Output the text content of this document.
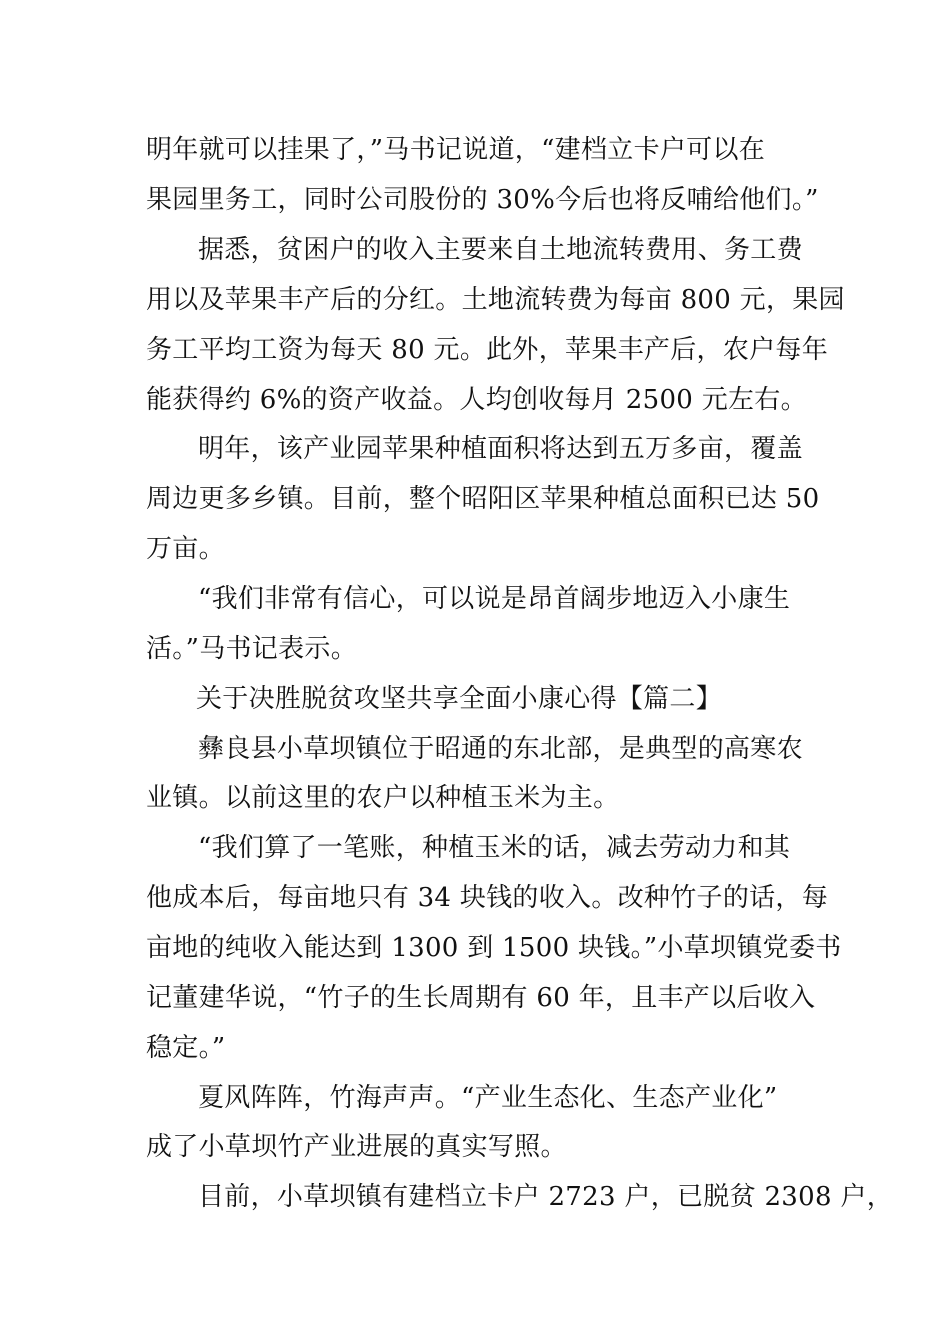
明年就可以挂果了，”马书记说道，“建档立卡户可以在
果园里务工，同时公司股份的 30%今后也将反哺给他们。”
据悉，贫困户的收入主要来自土地流转费用、务工费
用以及苹果丰产后的分红。土地流转费为每亩 800 元，果园
务工平均工资为每天 80 元。此外，苹果丰产后，农户每年
能获得约 6%的资产收益。人均创收每月 2500 元左右。
明年，该产业园苹果种植面积将达到五万多亩，覆盖
周边更多乡镇。目前，整个昭阳区苹果种植总面积已达 50
万亩。
“我们非常有信心，可以说是昂首阔步地迈入小康生
活。”马书记表示。
关于决胜脱贫攻坚共享全面小康心得【篇二】
彝良县小草坝镇位于昭通的东北部，是典型的高寒农
业镇。以前这里的农户以种植玉米为主。
“我们算了一笔账，种植玉米的话，减去劳动力和其
他成本后，每亩地只有 34 块钱的收入。改种竹子的话，每
亩地的纯收入能达到 1300 到 1500 块钱。”小草坝镇党委书
记董建华说，“竹子的生长周期有 60 年，且丰产以后收入
稳定。”
夏风阵阵，竹海声声。“产业生态化、生态产业化”
成了小草坝竹产业进展的真实写照。
目前，小草坝镇有建档立卡户 2723 户，已脱贫 2308 户，
